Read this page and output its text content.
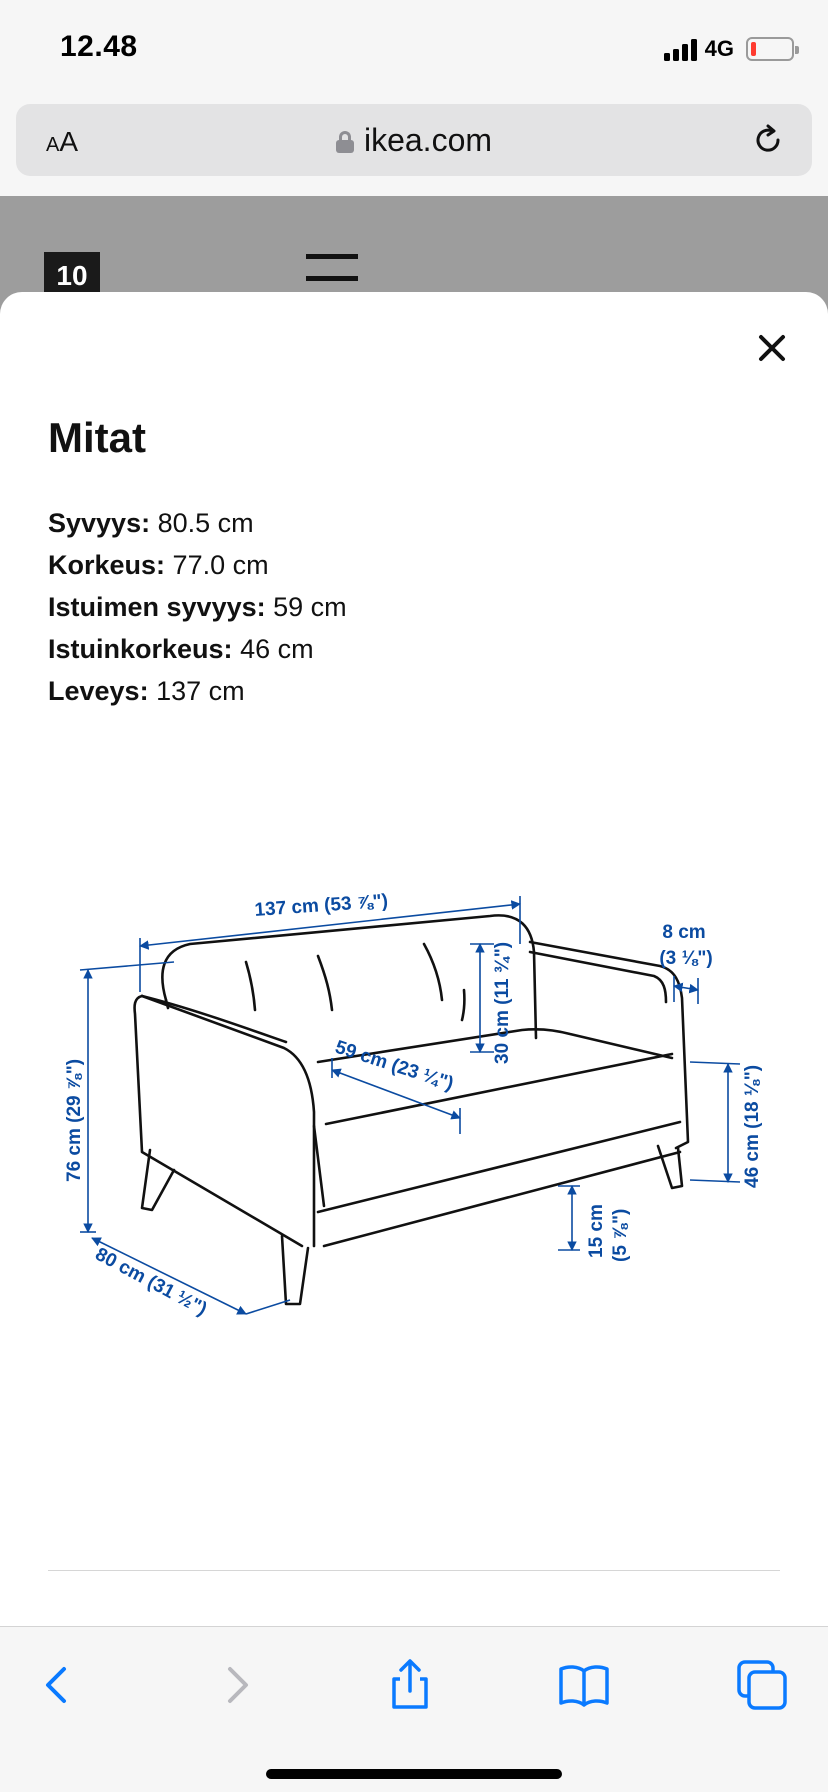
12.48	4G
AA	ikea.com
10
Mitat
Syvyys: 80.5 cm
Korkeus: 77.0 cm
Istuimen syvyys: 59 cm
Istuinkorkeus: 46 cm
Leveys: 137 cm
137 cm (53 ⅞")
8 cm
(3 ⅛")
30 cm (11 ¾")
59 cm (23 ¼")
76 cm (29 ⅞")	46 cm (18 ⅛")
15 cm (5 ⅞")
80 cm (31 ½")
